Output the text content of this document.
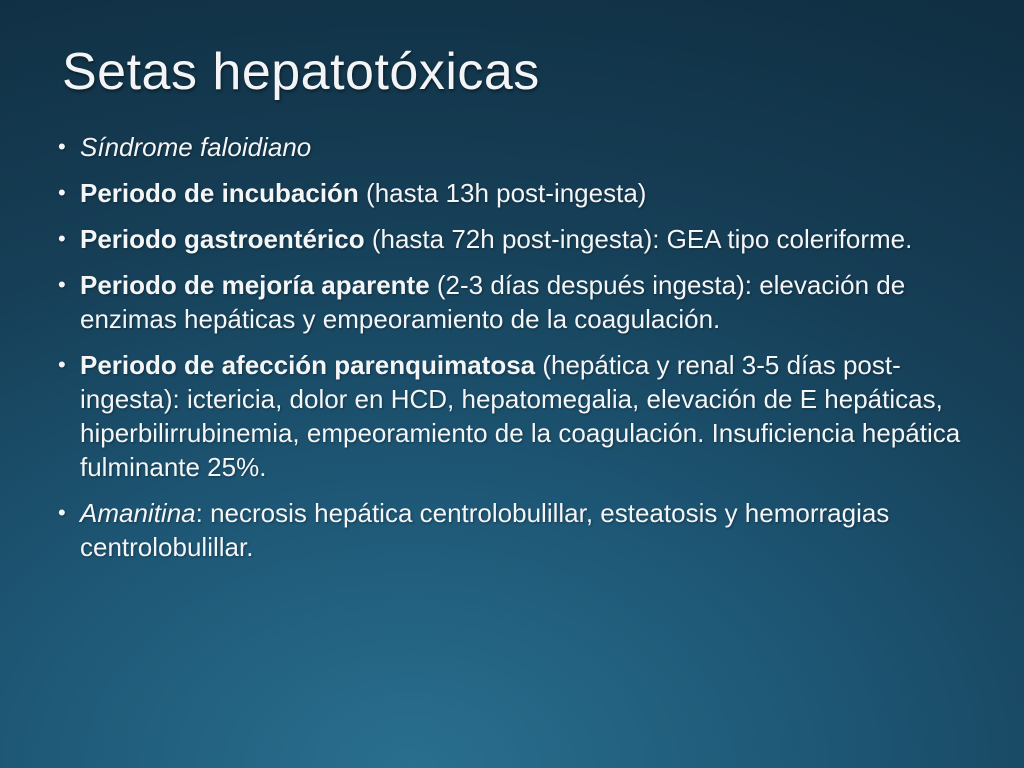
Setas hepatotóxicas
• Síndrome faloidiano
• Periodo de incubación (hasta 13h post-ingesta)
• Periodo gastroentérico (hasta 72h post-ingesta): GEA tipo coleriforme.
• Periodo de mejoría aparente (2-3 días después ingesta): elevación de enzimas hepáticas y empeoramiento de la coagulación.
• Periodo de afección parenquimatosa (hepática y renal 3-5 días post- ingesta): ictericia, dolor en HCD, hepatomegalia, elevación de E hepáticas, hiperbilirrubinemia, empeoramiento de la coagulación. Insuficiencia hepática fulminante 25%.
• Amanitina: necrosis hepática centrolobulillar, esteatosis y hemorragias centrolobulillar.
